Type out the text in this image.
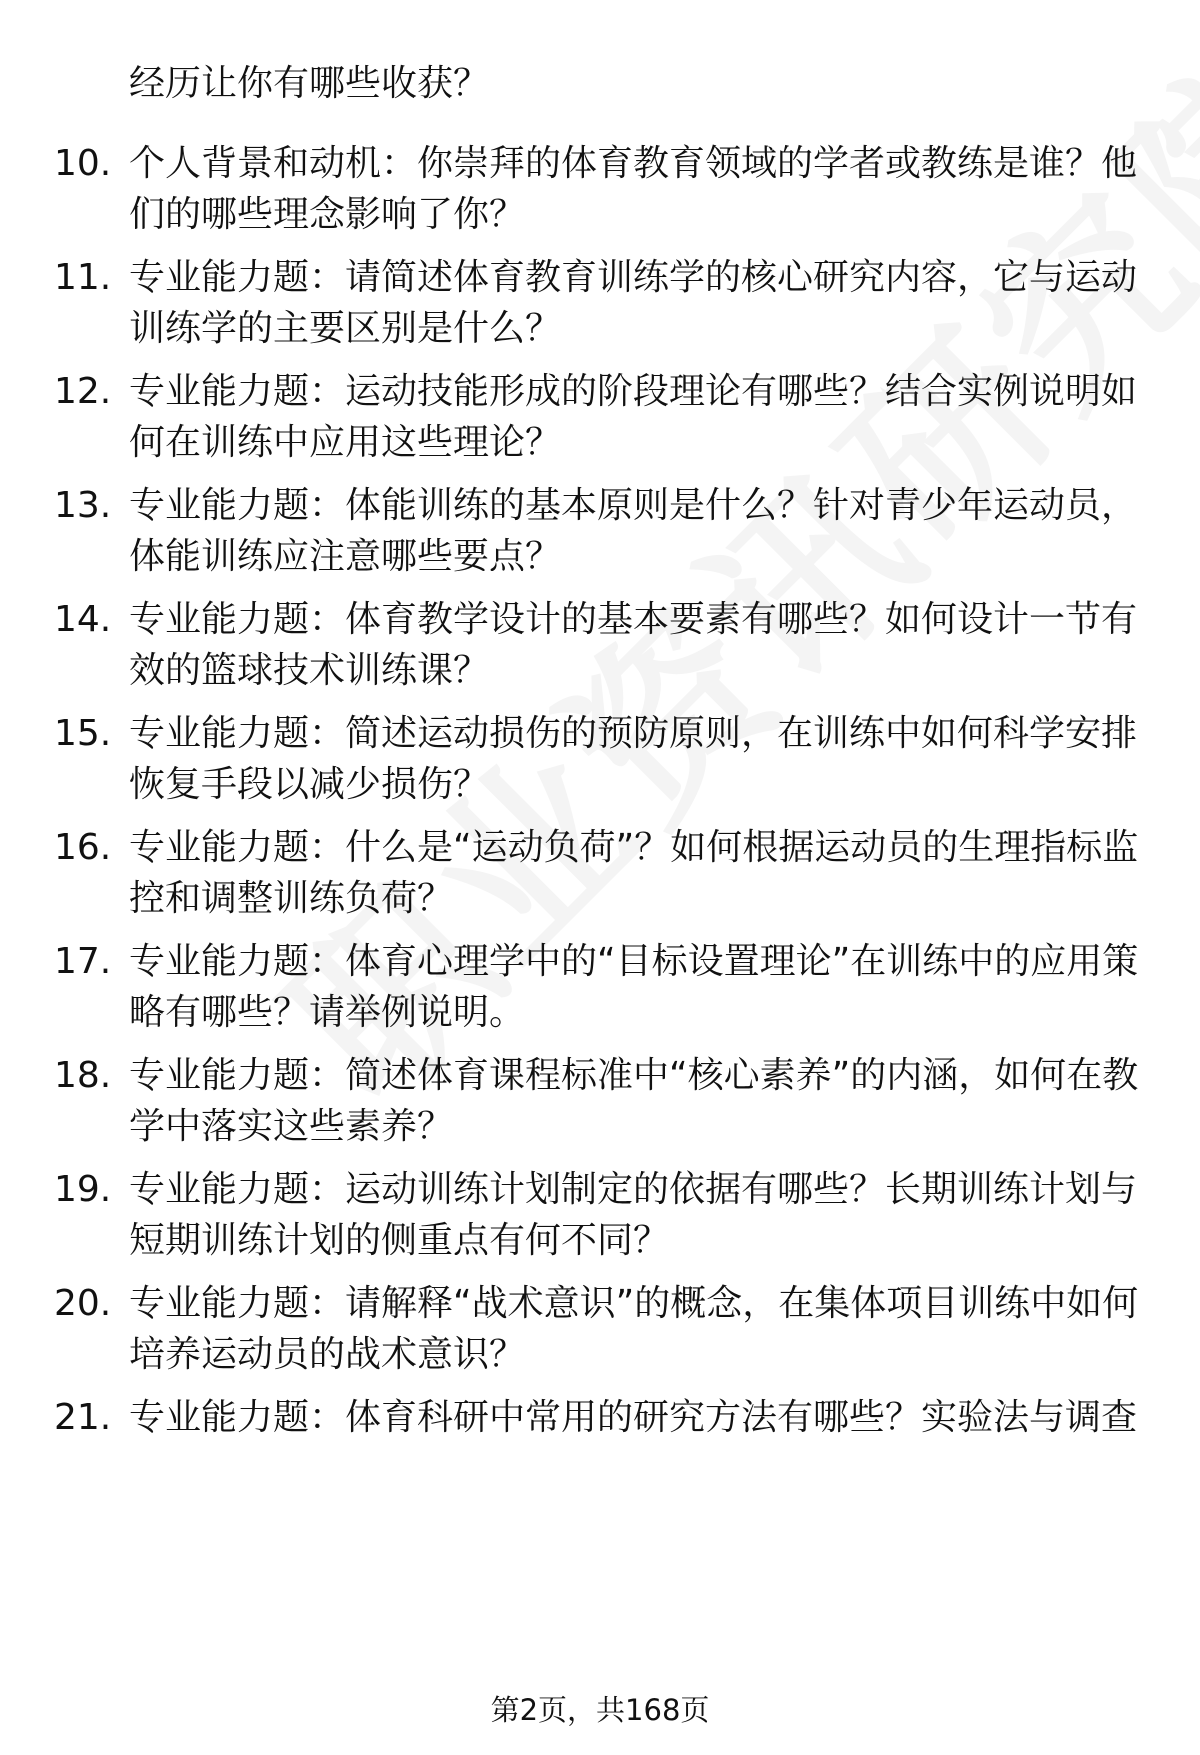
经历让你有哪些收获？
10. 个人背景和动机：你崇拜的体育教育领域的学者或教练是谁？他们的哪些理念影响了你？
11. 专业能力题：请简述体育教育训练学的核心研究内容，它与运动训练学的主要区别是什么？
12. 专业能力题：运动技能形成的阶段理论有哪些？结合实例说明如何在训练中应用这些理论？
13. 专业能力题：体能训练的基本原则是什么？针对青少年运动员，体能训练应注意哪些要点？
14. 专业能力题：体育教学设计的基本要素有哪些？如何设计一节有效的篮球技术训练课？
15. 专业能力题：简述运动损伤的预防原则，在训练中如何科学安排恢复手段以减少损伤？
16. 专业能力题：什么是“运动负荷”？如何根据运动员的生理指标监控和调整训练负荷？
17. 专业能力题：体育心理学中的“目标设置理论”在训练中的应用策略有哪些？请举例说明。
18. 专业能力题：简述体育课程标准中“核心素养”的内涵，如何在教学中落实这些素养？
19. 专业能力题：运动训练计划制定的依据有哪些？长期训练计划与短期训练计划的侧重点有何不同？
20. 专业能力题：请解释“战术意识”的概念，在集体项目训练中如何培养运动员的战术意识？
21. 专业能力题：体育科研中常用的研究方法有哪些？实验法与调查
第2页，共168页
